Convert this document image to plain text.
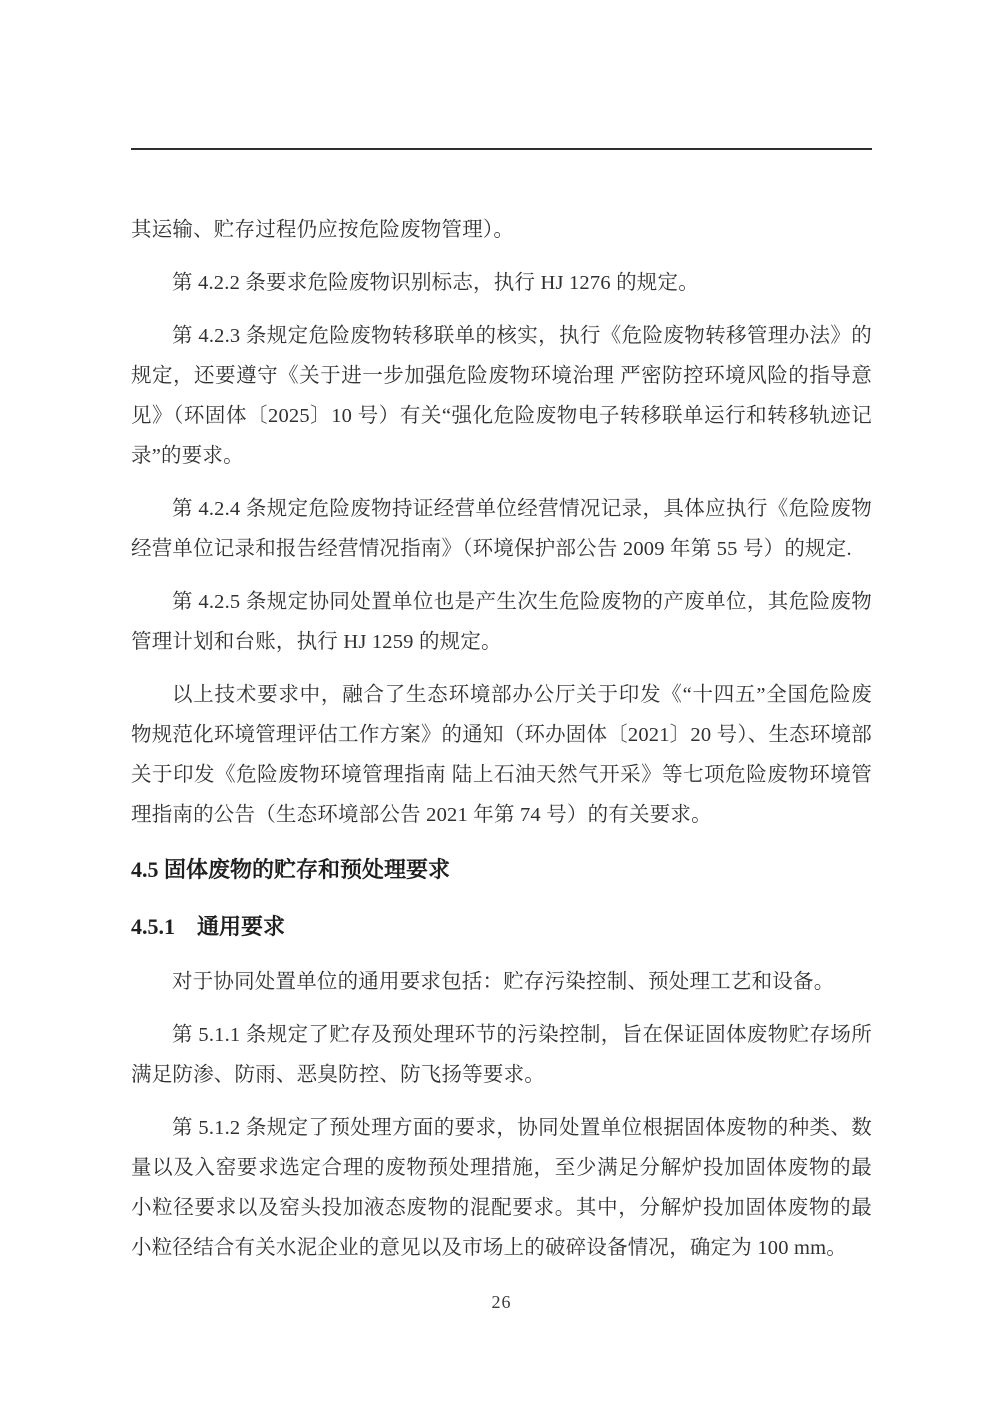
其运输、贮存过程仍应按危险废物管理）。
第 4.2.2 条要求危险废物识别标志，执行 HJ 1276 的规定。
第 4.2.3 条规定危险废物转移联单的核实，执行《危险废物转移管理办法》的规定，还要遵守《关于进一步加强危险废物环境治理 严密防控环境风险的指导意见》（环固体〔2025〕10 号）有关“强化危险废物电子转移联单运行和转移轨迹记录”的要求。
第 4.2.4 条规定危险废物持证经营单位经营情况记录，具体应执行《危险废物经营单位记录和报告经营情况指南》（环境保护部公告 2009 年第 55 号）的规定.
第 4.2.5 条规定协同处置单位也是产生次生危险废物的产废单位，其危险废物管理计划和台账，执行 HJ 1259 的规定。
以上技术要求中，融合了生态环境部办公厅关于印发《“十四五”全国危险废物规范化环境管理评估工作方案》的通知（环办固体〔2021〕20 号）、生态环境部关于印发《危险废物环境管理指南 陆上石油天然气开采》等七项危险废物环境管理指南的公告（生态环境部公告 2021 年第 74 号）的有关要求。
4.5 固体废物的贮存和预处理要求
4.5.1　通用要求
对于协同处置单位的通用要求包括：贮存污染控制、预处理工艺和设备。
第 5.1.1 条规定了贮存及预处理环节的污染控制，旨在保证固体废物贮存场所满足防渗、防雨、恶臭防控、防飞扬等要求。
第 5.1.2 条规定了预处理方面的要求，协同处置单位根据固体废物的种类、数量以及入窑要求选定合理的废物预处理措施，至少满足分解炉投加固体废物的最小粒径要求以及窑头投加液态废物的混配要求。其中，分解炉投加固体废物的最小粒径结合有关水泥企业的意见以及市场上的破碎设备情况，确定为 100 mm。
26
